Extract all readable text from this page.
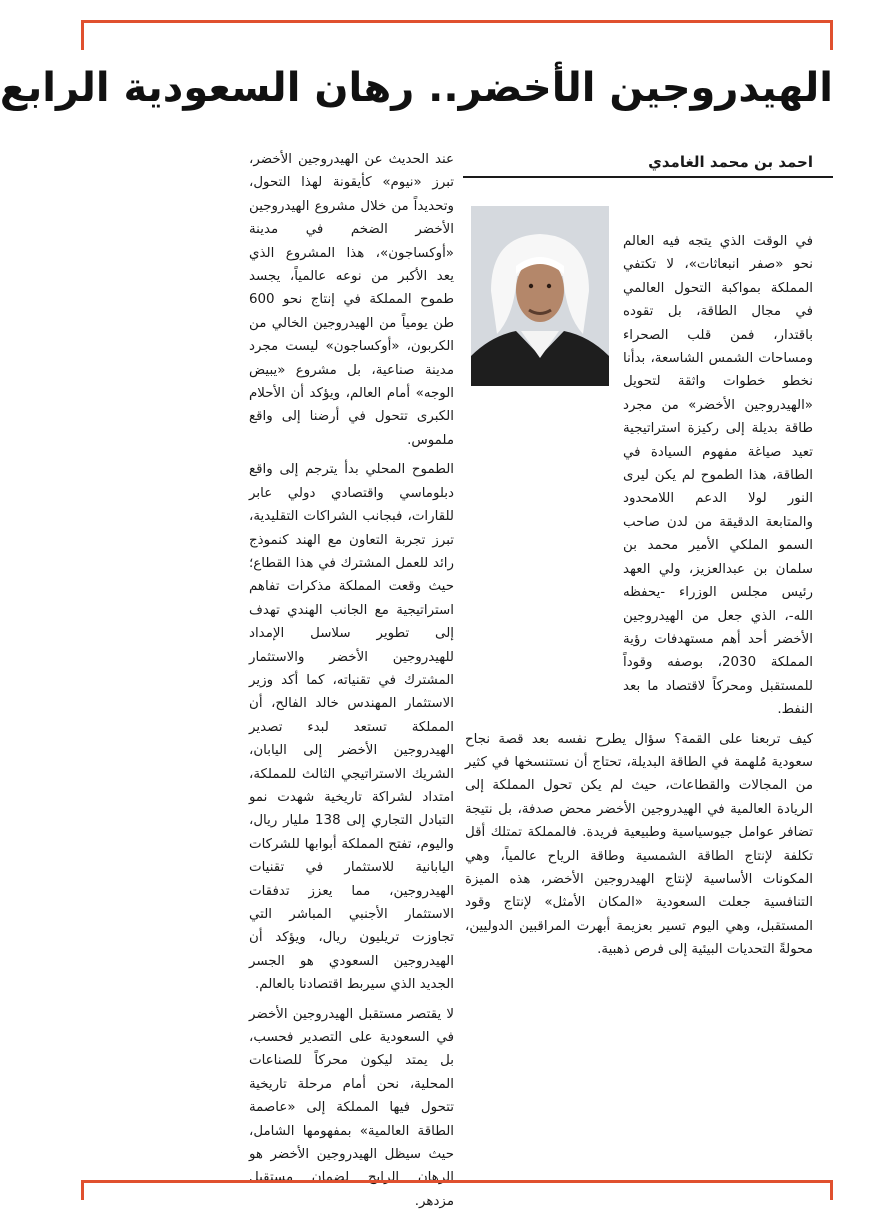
الهيدروجين الأخضر.. رهان السعودية الرابع
احمد بن محمد الغامدي

في الوقت الذي يتجه فيه العالم نحو «صفر انبعاثات»، لا تكتفي المملكة بمواكبة التحول العالمي في مجال الطاقة، بل تقوده باقتدار، فمن قلب الصحراء ومساحات الشمس الشاسعة، بدأنا نخطو خطوات واثقة لتحويل «الهيدروجين الأخضر» من مجرد طاقة بديلة إلى ركيزة استراتيجية تعيد صياغة مفهوم السيادة في الطاقة، هذا الطموح لم يكن ليرى النور لولا الدعم اللامحدود والمتابعة الدقيقة من لدن صاحب السمو الملكي الأمير محمد بن سلمان بن عبدالعزيز، ولي العهد رئيس مجلس الوزراء -يحفظه الله-، الذي جعل من الهيدروجين الأخضر أحد أهم مستهدفات رؤية المملكة 2030، بوصفه وقوداً للمستقبل ومحركاً لاقتصاد ما بعد النفط.

كيف تربعنا على القمة؟ سؤال يطرح نفسه بعد قصة نجاح سعودية مُلهمة في الطاقة البديلة، تحتاج أن نستنسخها في كثير من المجالات والقطاعات، حيث لم يكن تحول المملكة إلى الريادة العالمية في الهيدروجين الأخضر محض صدفة، بل نتيجة تضافر عوامل جيوسياسية وطبيعية فريدة. فالمملكة تمتلك أقل تكلفة لإنتاج الطاقة الشمسية وطاقة الرياح عالمياً، وهي المكونات الأساسية لإنتاج الهيدروجين الأخضر، هذه الميزة التنافسية جعلت السعودية «المكان الأمثل» لإنتاج وقود المستقبل، وهي اليوم تسير بعزيمة أبهرت المراقبين الدوليين، محولةً التحديات البيئية إلى فرص ذهبية.

عند الحديث عن الهيدروجين الأخضر، تبرز «نيوم» كأيقونة لهذا التحول، وتحديداً من خلال مشروع الهيدروجين الأخضر الضخم في مدينة «أوكساجون»، هذا المشروع الذي يعد الأكبر من نوعه عالمياً، يجسد طموح المملكة في إنتاج نحو 600 طن يومياً من الهيدروجين الخالي من الكربون، «أوكساجون» ليست مجرد مدينة صناعية، بل مشروع «يبيض الوجه» أمام العالم، ويؤكد أن الأحلام الكبرى تتحول في أرضنا إلى واقع ملموس.

الطموح المحلي بدأ يترجم إلى واقع دبلوماسي واقتصادي دولي عابر للقارات، فبجانب الشراكات التقليدية، تبرز تجربة التعاون مع الهند كنموذج رائد للعمل المشترك في هذا القطاع؛ حيث وقعت المملكة مذكرات تفاهم استراتيجية مع الجانب الهندي تهدف إلى تطوير سلاسل الإمداد للهيدروجين الأخضر والاستثمار المشترك في تقنياته، كما أكد وزير الاستثمار المهندس خالد الفالح، أن المملكة تستعد لبدء تصدير الهيدروجين الأخضر إلى اليابان، الشريك الاستراتيجي الثالث للمملكة، امتداد لشراكة تاريخية شهدت نمو التبادل التجاري إلى 138 مليار ريال، واليوم، تفتح المملكة أبوابها للشركات اليابانية للاستثمار في تقنيات الهيدروجين، مما يعزز تدفقات الاستثمار الأجنبي المباشر التي تجاوزت تريليون ريال، ويؤكد أن الهيدروجين السعودي هو الجسر الجديد الذي سيربط اقتصادنا بالعالم.

لا يقتصر مستقبل الهيدروجين الأخضر في السعودية على التصدير فحسب، بل يمتد ليكون محركاً للصناعات المحلية، نحن أمام مرحلة تاريخية تتحول فيها المملكة إلى «عاصمة الطاقة العالمية» بمفهومها الشامل، حيث سيظل الهيدروجين الأخضر هو الرهان الرابح لضمان مستقبل مزدهر.
